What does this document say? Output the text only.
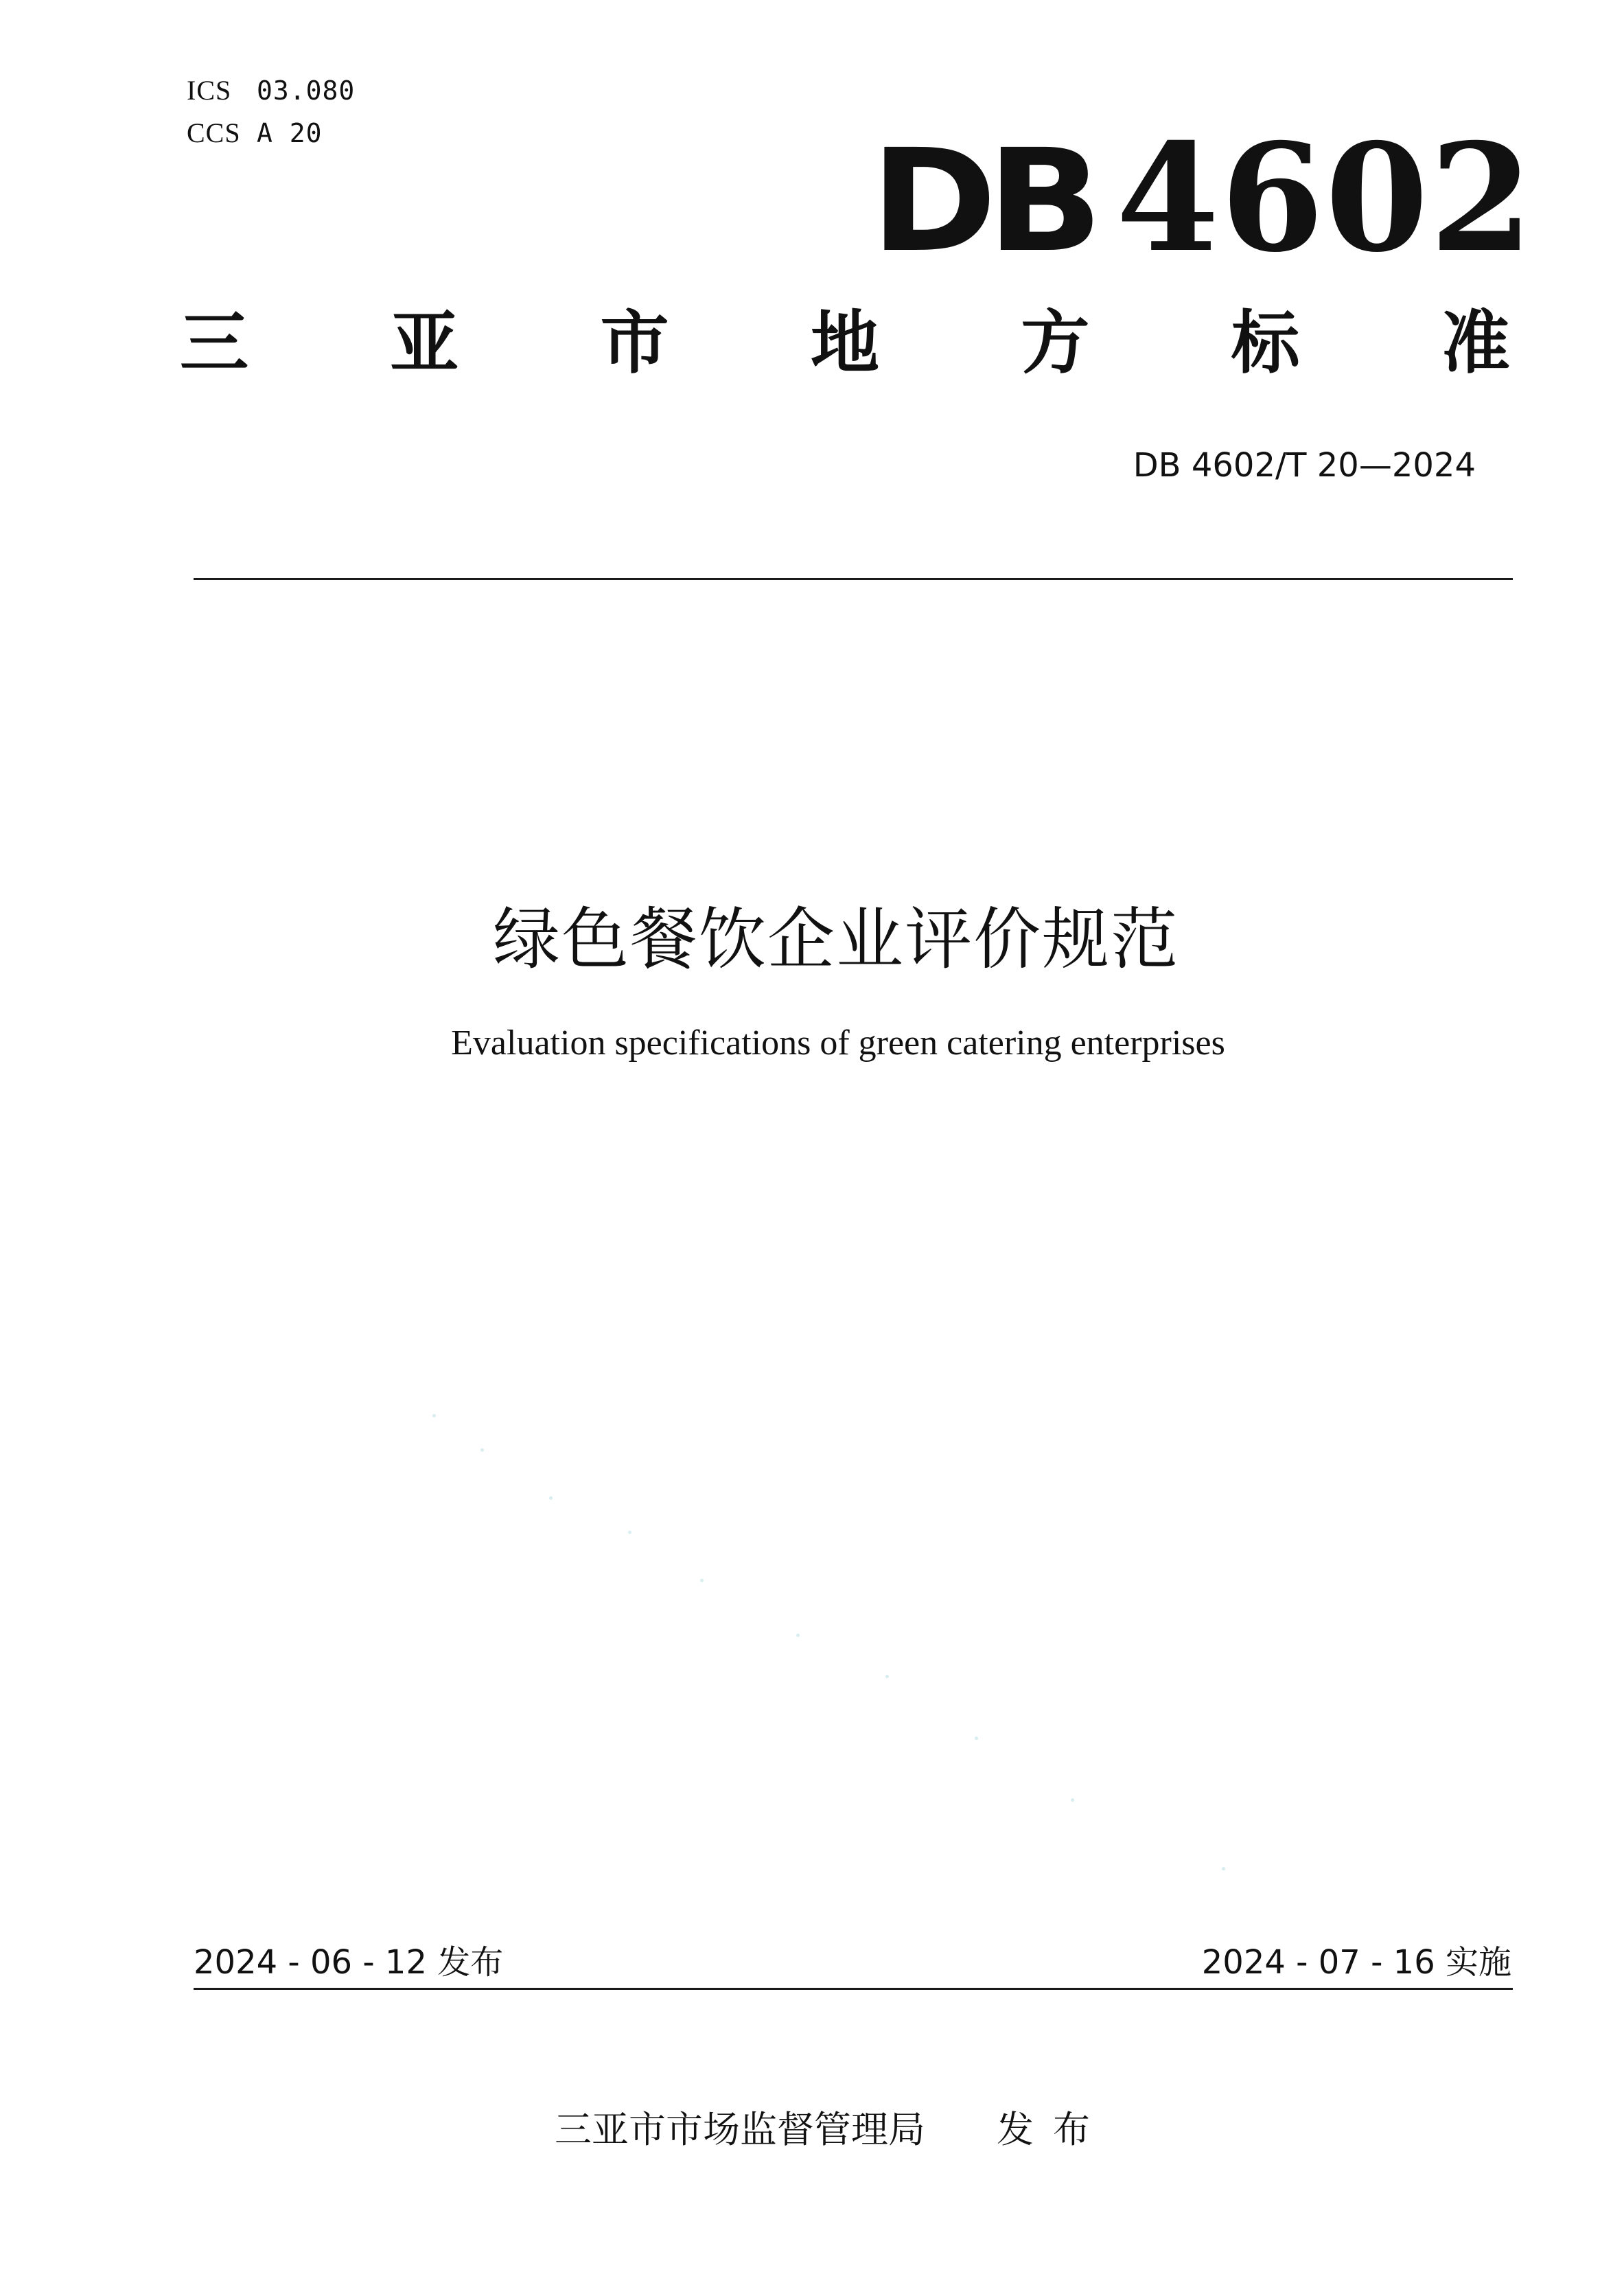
ICS 03.080
CCS A 20	DB 4602
三 亚 市 地 方 标 准
DB 4602/T 20—2024
绿色餐饮企业评价规范
Evaluation specifications of green catering enterprises
2024 - 06 - 12 发布	2024 - 07 - 16 实施
三亚市市场监督管理局 发布
